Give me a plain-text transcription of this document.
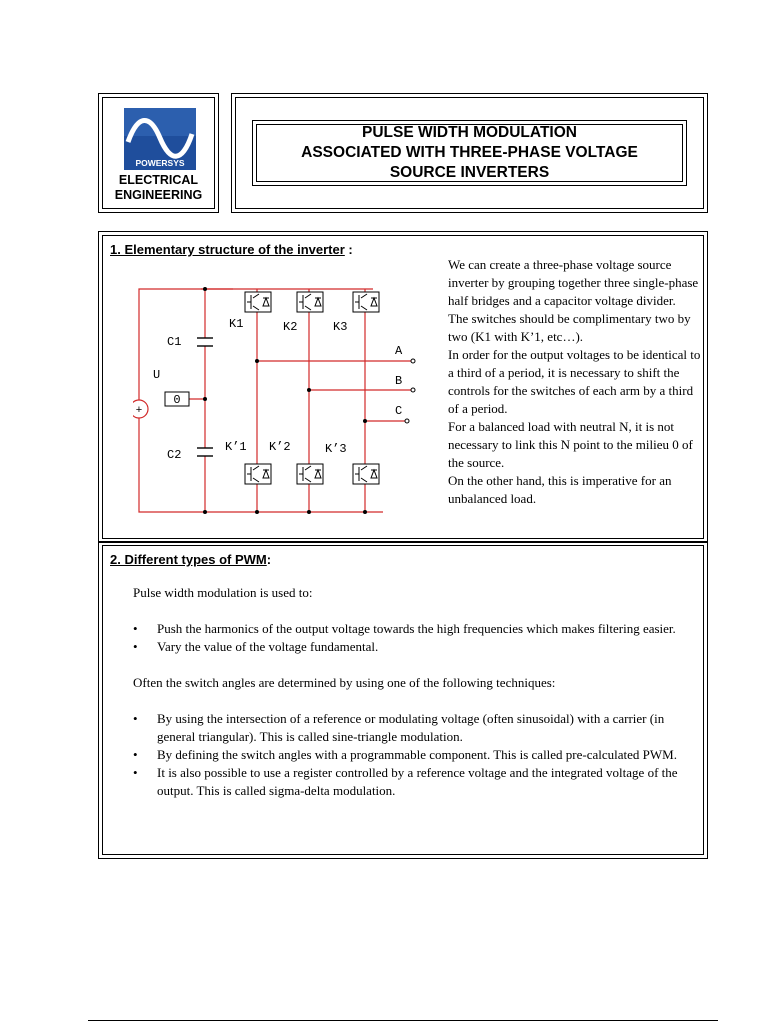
POWERSYS
ELECTRICAL
ENGINEERING
PULSE WIDTH MODULATION
ASSOCIATED WITH THREE-PHASE VOLTAGE
SOURCE INVERTERS
1. Elementary structure of the inverter :
C1
C2
+
U
0
A
B
C
K1	K2	K3
K’1 K’2	K’3

We can create a three-phase voltage source inverter by grouping together three single-phase half bridges and a capacitor voltage divider.

The switches should be complimentary two by two (K1 with K’1, etc…).

In order for the output voltages to be identical to a third of a period, it is necessary to shift the controls for the switches of each arm by a third of a period.

For a balanced load with neutral N, it is not necessary to link this N point to the milieu 0 of the source.

On the other hand, this is imperative for an unbalanced load.

2. Different types of PWM:

Pulse width modulation is used to:

• Push the harmonics of the output voltage towards the high frequencies which makes filtering easier.
• Vary the value of the voltage fundamental.

Often the switch angles are determined by using one of the following techniques:

• By using the intersection of a reference or modulating voltage (often sinusoidal) with a carrier (in general triangular). This is called sine-triangle modulation.
• By defining the switch angles with a programmable component. This is called pre-calculated PWM.
• It is also possible to use a register controlled by a reference voltage and the integrated voltage of the output. This is called sigma-delta modulation.
